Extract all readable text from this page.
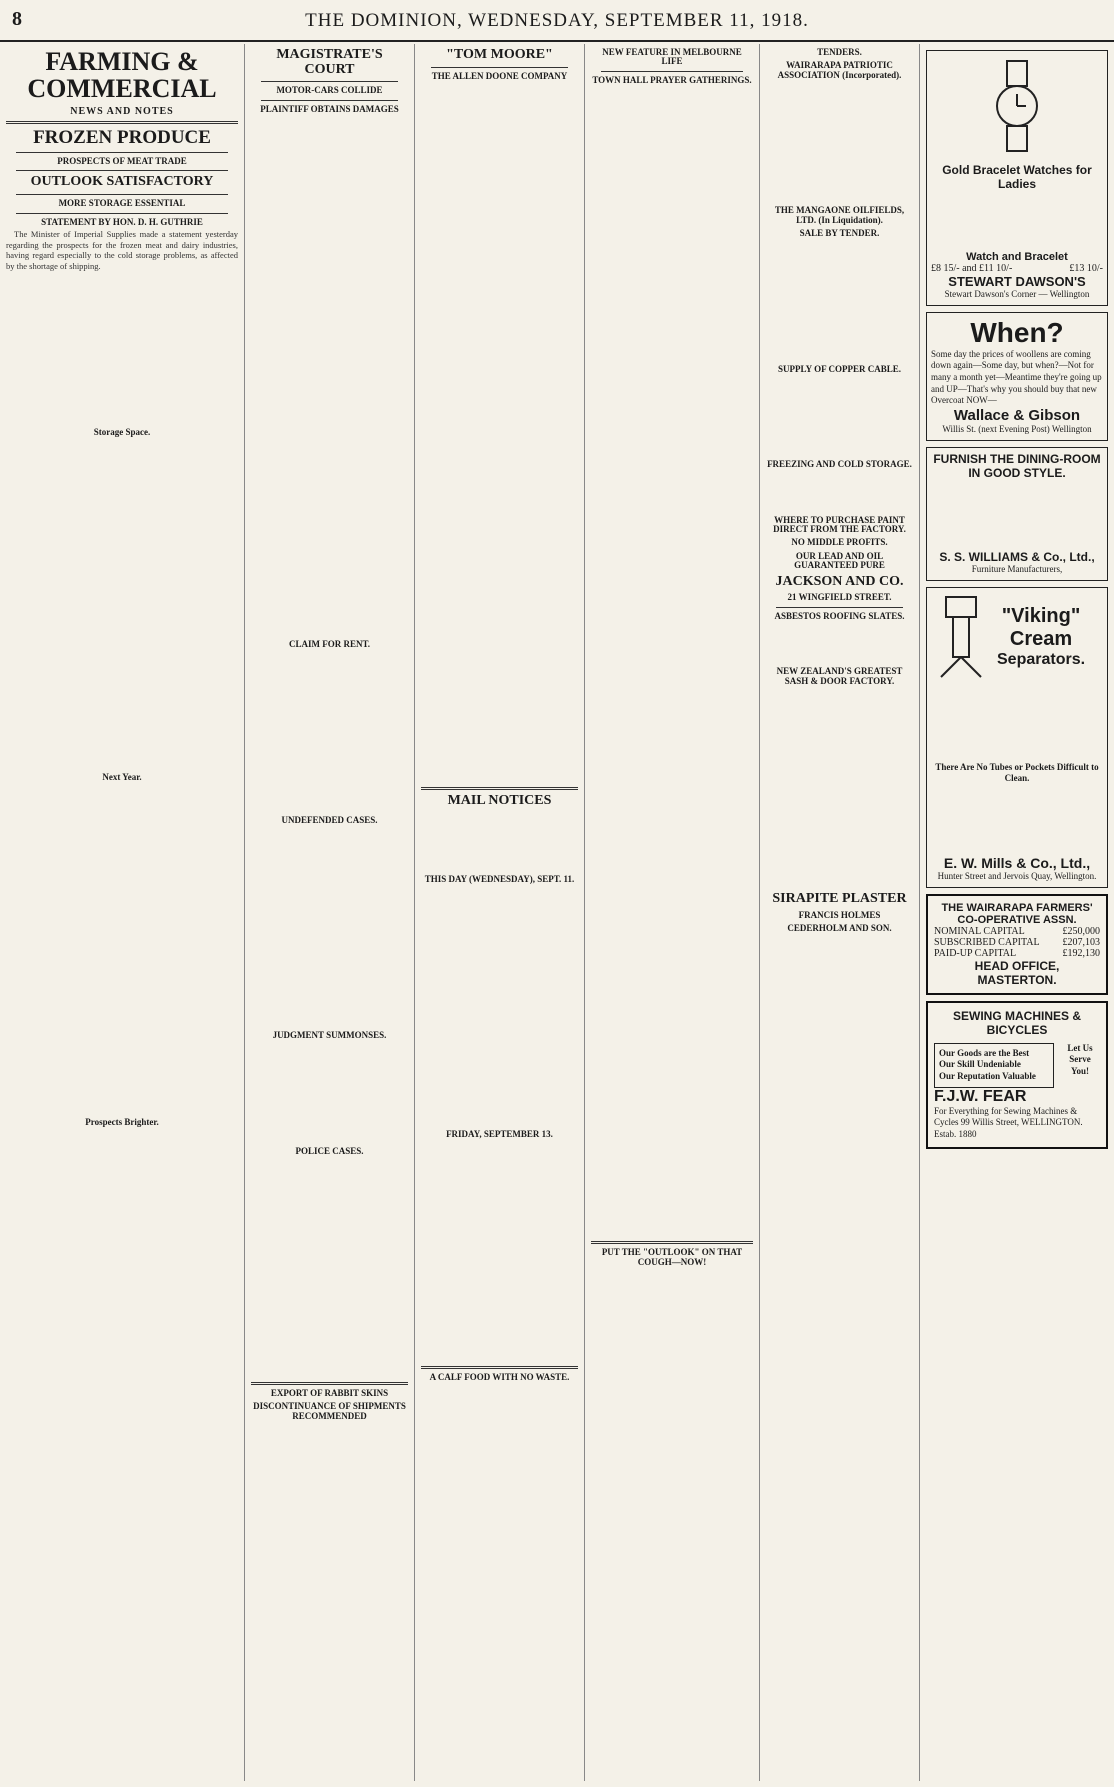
8	THE DOMINION, WEDNESDAY, SEPTEMBER 11, 1918.
FARMING & COMMERCIAL
NEWS AND NOTES
FROZEN PRODUCE
PROSPECTS OF MEAT TRADE
OUTLOOK SATISFACTORY
MORE STORAGE ESSENTIAL
STATEMENT BY HON. D. H. GUTHRIE
The Minister of Imperial Supplies made a statement yesterday regarding the prospects for the frozen meat and dairy industries, having regard especially to the cold storage problems, as affected by the shortage of shipping.
Storage Space.
Next Year.
Prospects Brighter.
MAGISTRATE'S COURT
MOTOR-CARS COLLIDE
PLAINTIFF OBTAINS DAMAGES
CLAIM FOR RENT.
UNDEFENDED CASES.
JUDGMENT SUMMONSES.
POLICE CASES.
EXPORT OF RABBIT SKINS
DISCONTINUANCE OF SHIPMENTS RECOMMENDED
"TOM MOORE"
THE ALLEN DOONE COMPANY
MAIL NOTICES
THIS DAY (WEDNESDAY), SEPT. 11.
FRIDAY, SEPTEMBER 13.
A CALF FOOD WITH NO WASTE.
NEW FEATURE IN MELBOURNE LIFE
TOWN HALL PRAYER GATHERINGS.
PUT THE "OUTLOOK" ON THAT COUGH—NOW!
TENDERS.
WAIRARAPA PATRIOTIC ASSOCIATION (Incorporated).
THE MANGAONE OILFIELDS, LTD. (In Liquidation).
SALE BY TENDER.
SUPPLY OF COPPER CABLE.
FREEZING AND COLD STORAGE.
WHERE TO PURCHASE PAINT DIRECT FROM THE FACTORY.
NO MIDDLE PROFITS.
OUR LEAD AND OIL GUARANTEED PURE
JACKSON AND CO.
21 WINGFIELD STREET.
ASBESTOS ROOFING SLATES.
NEW ZEALAND'S GREATEST SASH & DOOR FACTORY.
SIRAPITE PLASTER
FRANCIS HOLMES
CEDERHOLM AND SON.
Gold Bracelet Watches for Ladies
Watch and Bracelet
£8 15/- and £11 10/-	£13 10/-
STEWART DAWSON'S
Stewart Dawson's Corner — Wellington
When?
Some day the prices of woollens are coming down again—Some day, but when?—Not for many a month yet—Meantime they're going up and UP—That's why you should buy that new Overcoat NOW—
Wallace & Gibson
Willis St. (next Evening Post) Wellington
FURNISH THE DINING-ROOM IN GOOD STYLE.
S. S. WILLIAMS & Co., Ltd.,
Furniture Manufacturers,
"Viking"
Cream
Separators.
There Are No Tubes or Pockets Difficult to Clean.
E. W. Mills & Co., Ltd.,
Hunter Street and Jervois Quay, Wellington.
THE WAIRARAPA FARMERS' CO-OPERATIVE ASSN.
NOMINAL CAPITAL	£250,000
SUBSCRIBED CAPITAL £207,103
PAID-UP CAPITAL	£192,130
HEAD OFFICE, MASTERTON.
SEWING MACHINES & BICYCLES
Our Goods are the Best
Our Skill Undeniable
Our Reputation Valuable
Let Us Serve You!
F.J.W. FEAR
For Everything for Sewing Machines & Cycles 99 Willis Street, WELLINGTON. Estab. 1880
